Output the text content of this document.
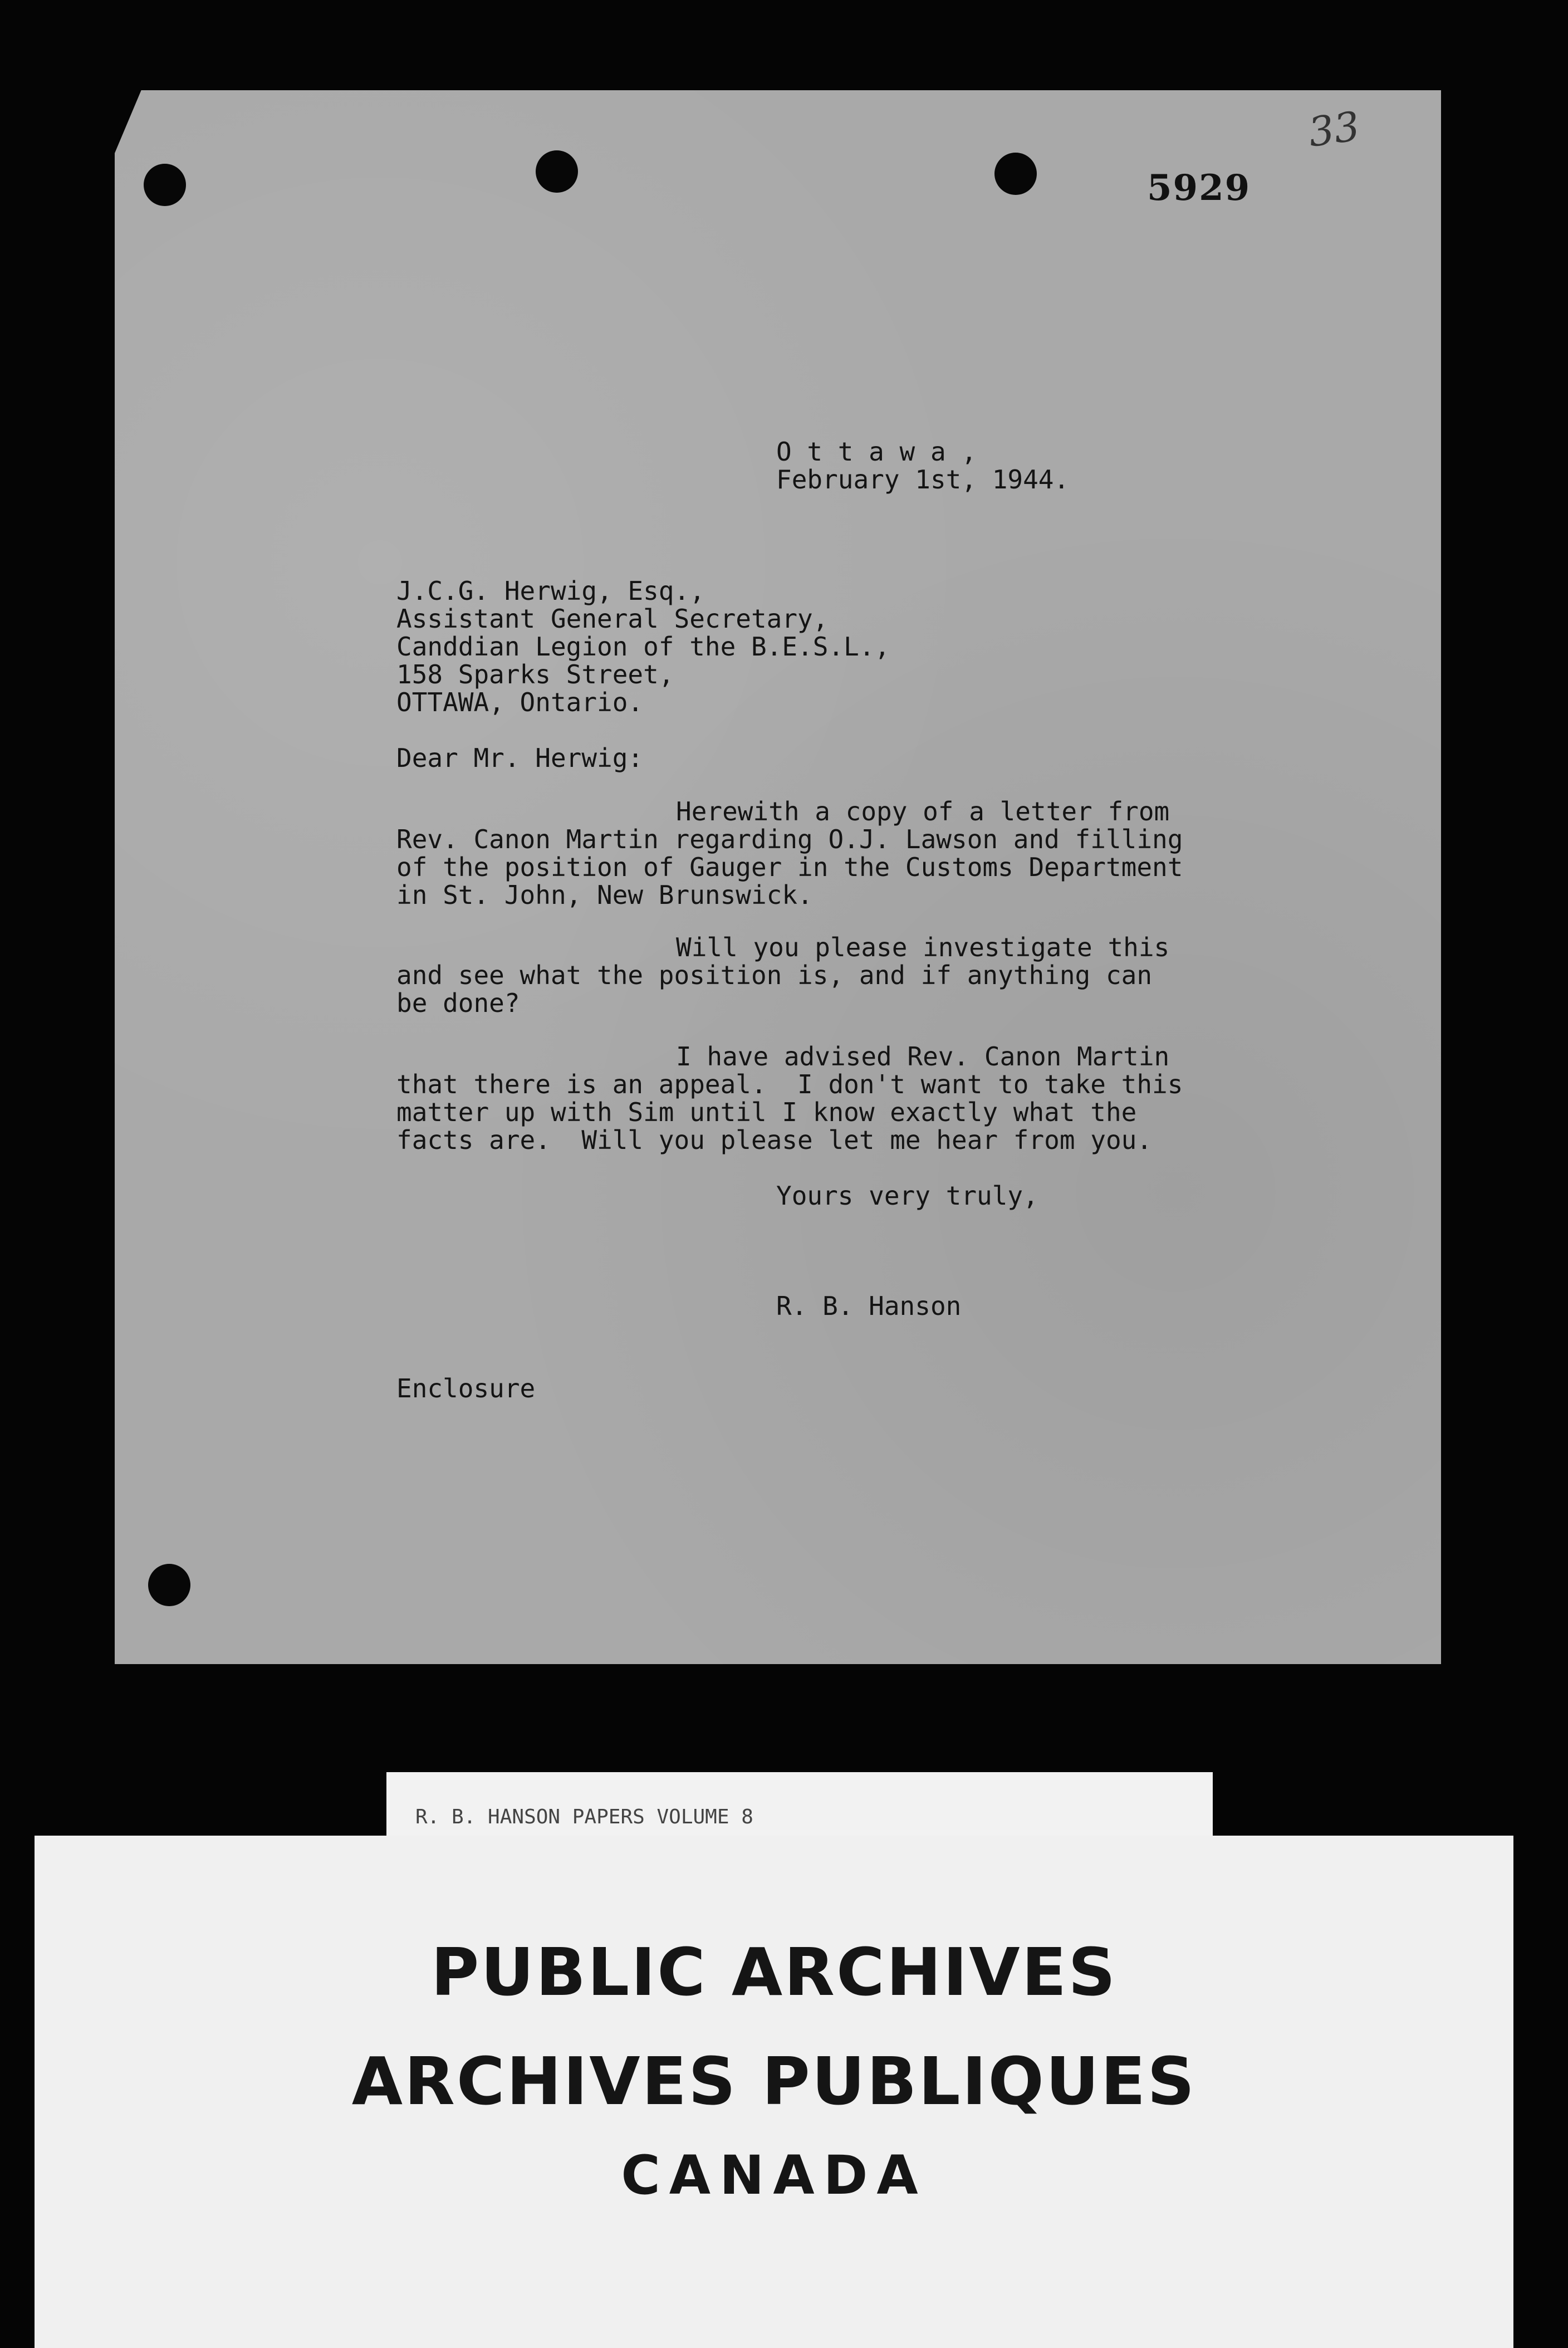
5929
33

O t t a w a ,

February 1st, 1944.

J.C.G. Herwig, Esq.,

Assistant General Secretary,

Canddian Legion of the B.E.S.L.,

158 Sparks Street,

OTTAWA, Ontario.

Dear Mr. Herwig:

Herewith a copy of a letter from

Rev. Canon Martin regarding O.J. Lawson and filling

of the position of Gauger in the Customs Department

in St. John, New Brunswick.

Will you please investigate this

and see what the position is, and if anything can

be done?

I have advised Rev. Canon Martin

that there is an appeal.  I don't want to take this

matter up with Sim until I know exactly what the

facts are.  Will you please let me hear from you.

Yours very truly,

R. B. Hanson

Enclosure

R. B. HANSON PAPERS VOLUME 8
PUBLIC ARCHIVES
ARCHIVES PUBLIQUES
CANADA
